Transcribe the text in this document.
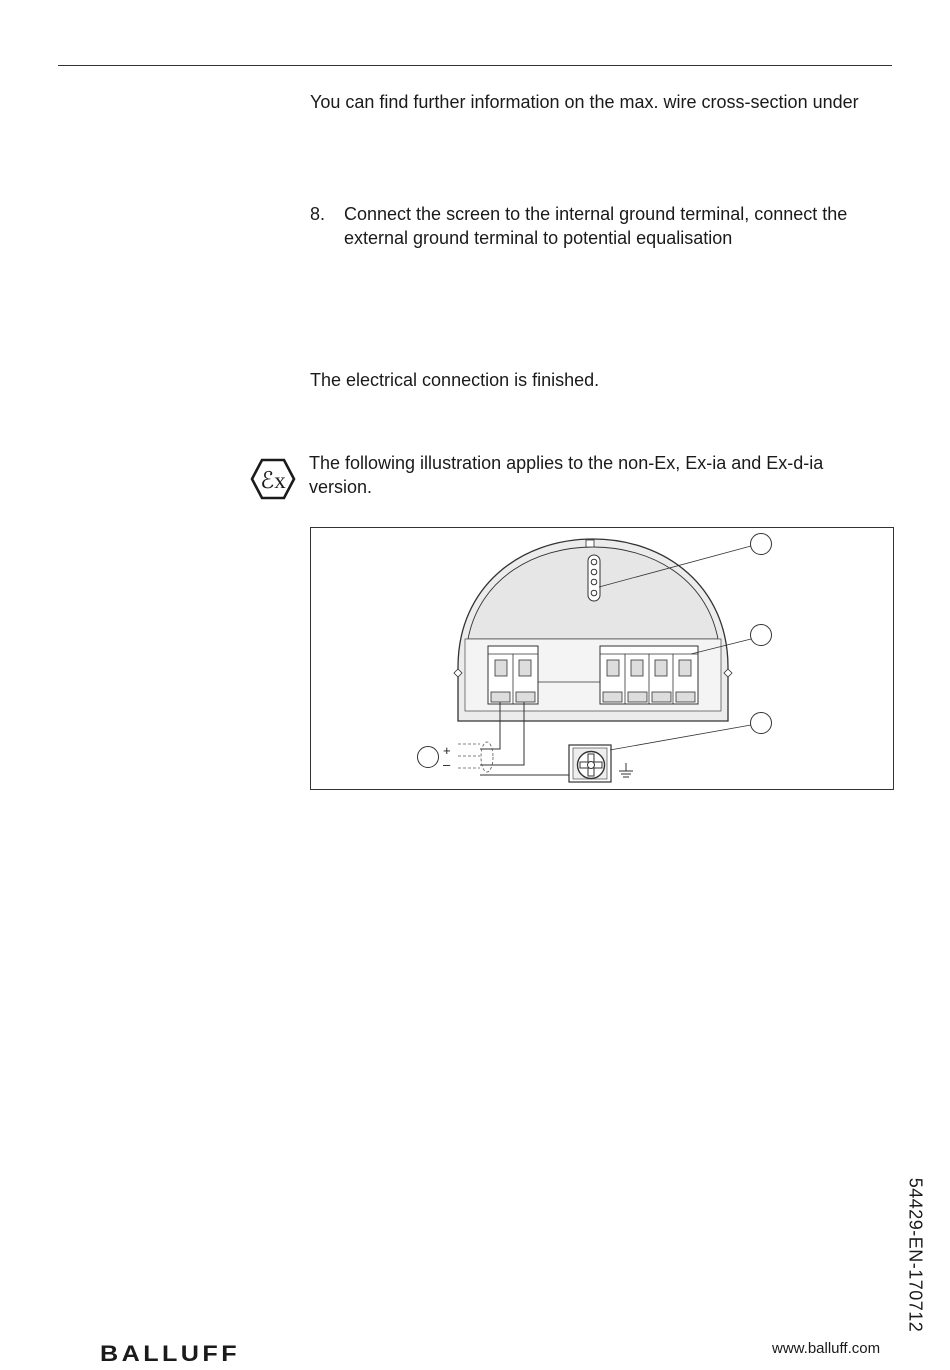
You can find further information on the max. wire cross-section under
8. Connect the screen to the internal ground terminal, connect the external ground terminal to potential equalisation
The electrical connection is finished.
ℰx
The following illustration applies to the non-Ex, Ex-ia and Ex-d-ia version.
+
–
54429-EN-170712
BALLUFF	www.balluff.com
